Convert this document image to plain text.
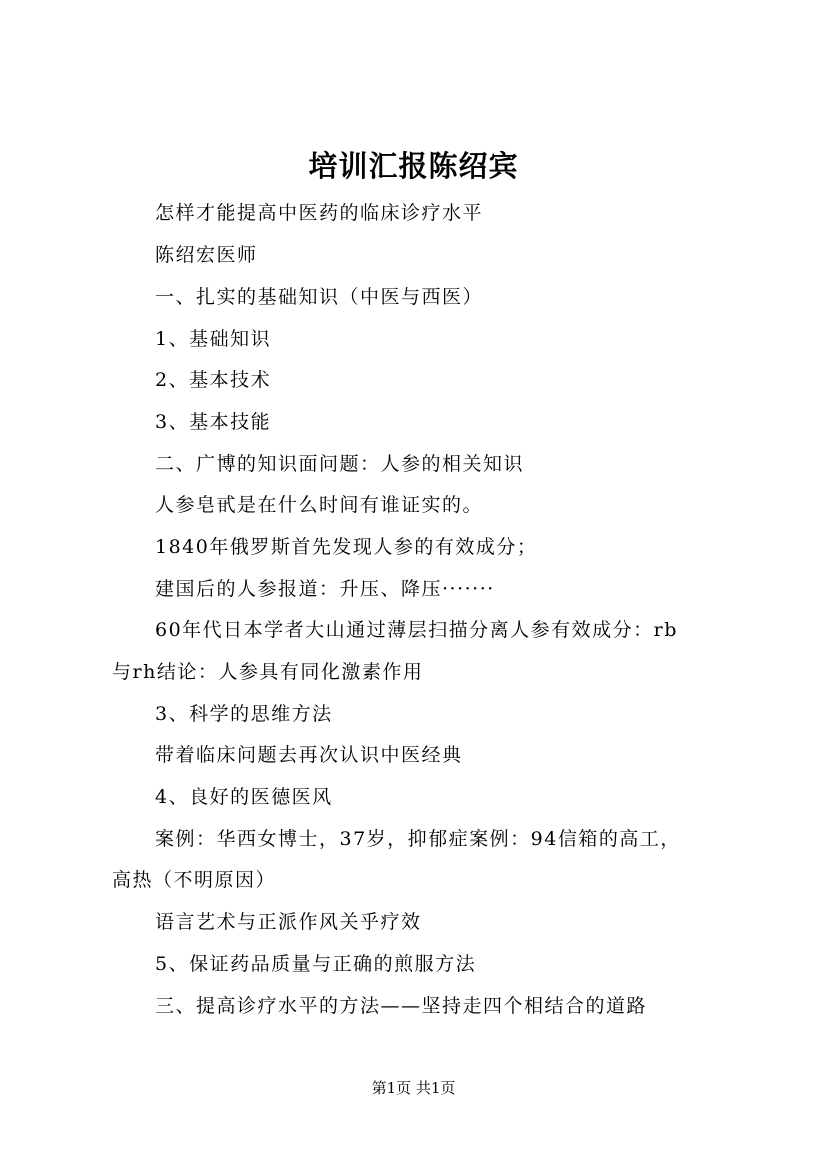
培训汇报陈绍宾
怎样才能提高中医药的临床诊疗水平
陈绍宏医师
一、扎实的基础知识（中医与西医）
1、基础知识
2、基本技术
3、基本技能
二、广博的知识面问题：人参的相关知识
人参皂甙是在什么时间有谁证实的。
1840年俄罗斯首先发现人参的有效成分；
建国后的人参报道：升压、降压·······
60年代日本学者大山通过薄层扫描分离人参有效成分：rb
与rh结论：人参具有同化激素作用
3、科学的思维方法
带着临床问题去再次认识中医经典
4、良好的医德医风
案例：华西女博士，37岁，抑郁症案例：94信箱的高工，
高热（不明原因）
语言艺术与正派作风关乎疗效
5、保证药品质量与正确的煎服方法
三、提高诊疗水平的方法——坚持走四个相结合的道路
第1页 共1页
